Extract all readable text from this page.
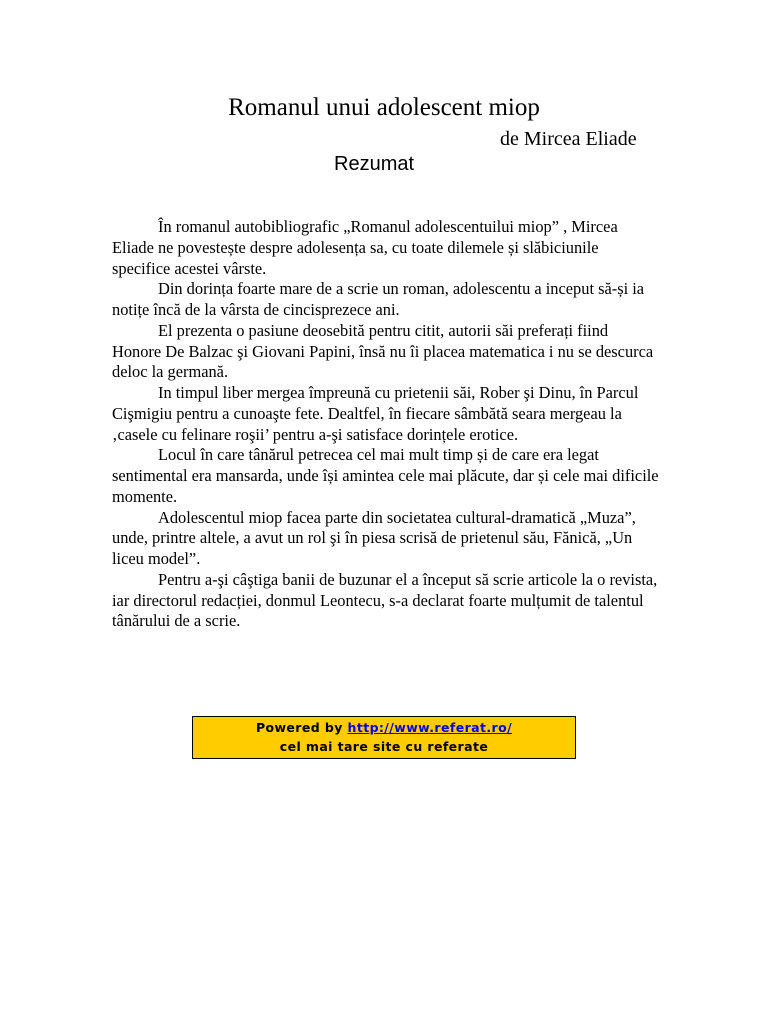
Romanul unui adolescent miop
de Mircea Eliade
Rezumat

În romanul autobibliografic „Romanul adolescentuilui miop” , Mircea Eliade ne povestește despre adolesența sa, cu toate dilemele și slăbiciunile specifice acestei vârste.

Din dorința foarte mare de a scrie un roman, adolescentu a inceput să-și ia notițe încă de la vârsta de cincisprezece ani.

El prezenta o pasiune deosebită pentru citit, autorii săi preferați fiind Honore De Balzac şi Giovani Papini, însă nu îi placea matematica i nu se descurca deloc la germană.

In timpul liber mergea împreună cu prietenii săi, Rober şi Dinu, în Parcul Cişmigiu pentru a cunoaşte fete. Dealtfel, în fiecare sâmbătă seara mergeau la ‚casele cu felinare roşii’ pentru a-şi satisface dorințele erotice.

Locul în care tânărul petrecea cel mai mult timp și de care era legat sentimental era mansarda, unde își amintea cele mai plăcute, dar și cele mai dificile momente.

Adolescentul miop facea parte din societatea cultural-dramatică „Muza”, unde, printre altele, a avut un rol şi în piesa scrisă de prietenul său, Fănică, „Un liceu model”.

Pentru a-şi câştiga banii de buzunar el a început să scrie articole la o revista, iar directorul redacției, donmul Leontecu, s-a declarat foarte mulțumit de talentul tânărului de a scrie.

Powered by http://www.referat.ro/
cel mai tare site cu referate
